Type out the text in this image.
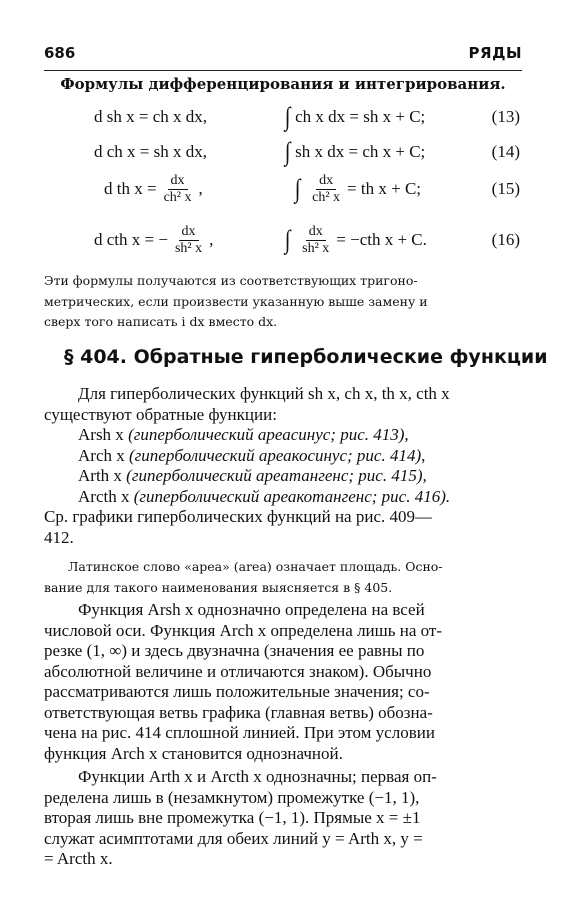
686	РЯДЫ
Формулы дифференцирования и интегрирования.
d sh x = ch x dx,	∫ ch x dx = sh x + C;	(13)
d ch x = sh x dx,	∫ sh x dx = ch x + C;	(14)
d th $x = \frac{dx}{\text{ch² x}}$ ,	∫ $\frac{dx}{\text{ch² x}}$ = th x + C;	(15)
d cth x = − $\frac{dx}{\text{sh² x}}$ ,	∫ $\frac{dx}{\text{sh² x}} = -cth$ x + C.	(16)
Эти формулы получаются из соответствующих тригоно-
метрических, если произвести указанную выше замену и
сверх того написать i dx вместо dx.
§ 404. Обратные гиперболические функции
Для гиперболических функций sh x, ch x, th x, cth x
существуют обратные функции:
Arsh x (гиперболический ареасинус; рис. 413),
Arch x (гиперболический ареакосинус; рис. 414),
Arth x (гиперболический ареатангенс; рис. 415),
Arcth x (гиперболический ареакотангенс; рис. 416).
Ср. графики гиперболических функций на рис. 409—
412.
Латинское слово «ареа» (area) означает площадь. Осно-
вание для такого наименования выясняется в § 405.
Функция Arsh x однозначно определена на всей
числовой оси. Функция Arch x определена лишь на от-
резке (1, ∞) и здесь двузначна (значения ее равны по
абсолютной величине и отличаются знаком). Обычно
рассматриваются лишь положительные значения; со-
ответствующая ветвь графика (главная ветвь) обозна-
чена на рис. 414 сплошной линией. При этом условии
функция Arch x становится однозначной.
Функции Arth x и Arcth x однозначны; первая оп-
ределена лишь в (незамкнутом) промежутке (−1, 1),
вторая лишь вне промежутка (−1, 1). Прямые x = ±1
служат асимптотами для обеих линий y = Arth x, y =
= Arcth x.
